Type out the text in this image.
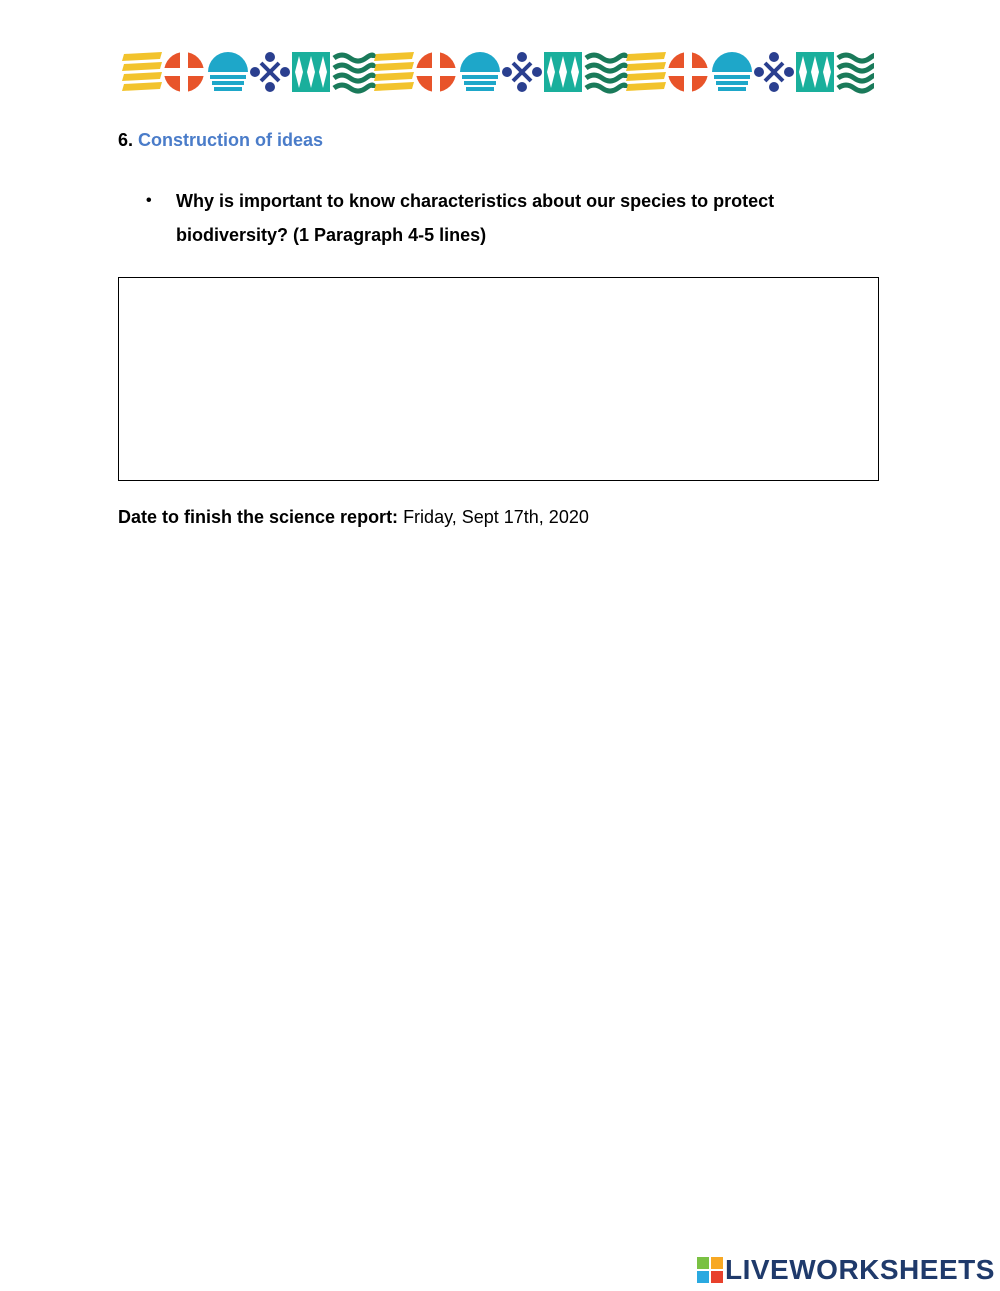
6. Construction of ideas
• Why is important to know characteristics about our species to protect biodiversity? (1 Paragraph 4-5 lines)
Date to finish the science report: Friday, Sept 17th, 2020
LIVEWORKSHEETS
